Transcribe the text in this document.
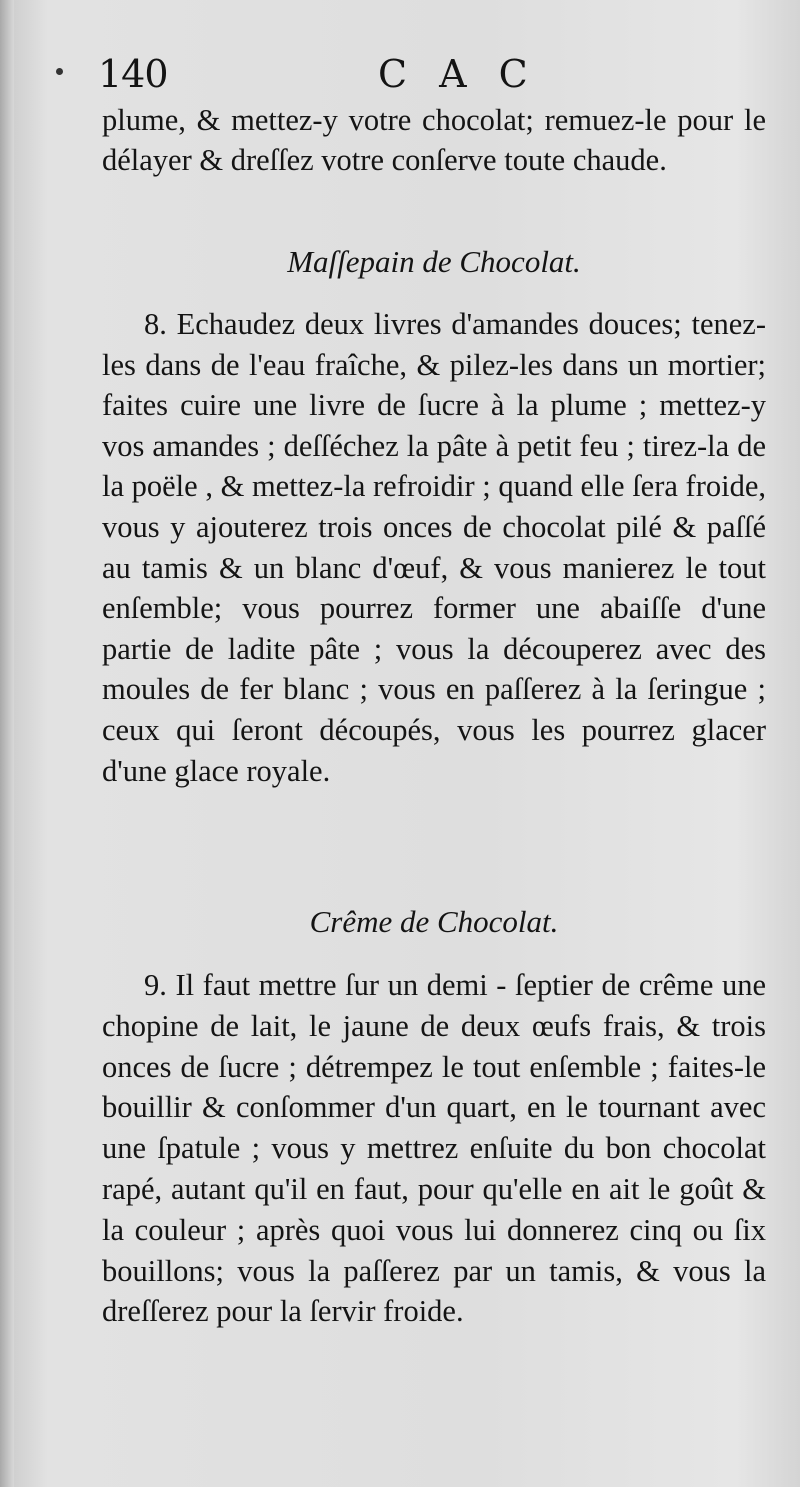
140	C A C

plume, & mettez-y votre chocolat; remuez-le pour le délayer & dreſſez votre conſerve toute chaude.

Maſſepain de Chocolat.

8. Echaudez deux livres d'amandes douces; tenez-les dans de l'eau fraîche, & pilez-les dans un mortier; faites cuire une livre de ſucre à la plume ; mettez-y vos amandes ; deſſéchez la pâte à petit feu ; tirez-la de la poële , & mettez-la refroidir ; quand elle ſera froide, vous y ajouterez trois onces de chocolat pilé & paſſé au tamis & un blanc d'œuf, & vous manierez le tout enſemble; vous pourrez former une abaiſſe d'une partie de ladite pâte ; vous la découperez avec des moules de fer blanc ; vous en paſſerez à la ſeringue ; ceux qui ſeront découpés, vous les pourrez glacer d'une glace royale.

Crême de Chocolat.

9. Il faut mettre ſur un demi - ſeptier de crême une chopine de lait, le jaune de deux œufs frais, & trois onces de ſucre ; détrempez le tout enſemble ; faites-le bouillir & conſommer d'un quart, en le tournant avec une ſpatule ; vous y mettrez enſuite du bon chocolat rapé, autant qu'il en faut, pour qu'elle en ait le goût & la couleur ; après quoi vous lui donnerez cinq ou ſix bouillons; vous la paſſerez par un tamis, & vous la dreſſerez pour la ſervir froide.
